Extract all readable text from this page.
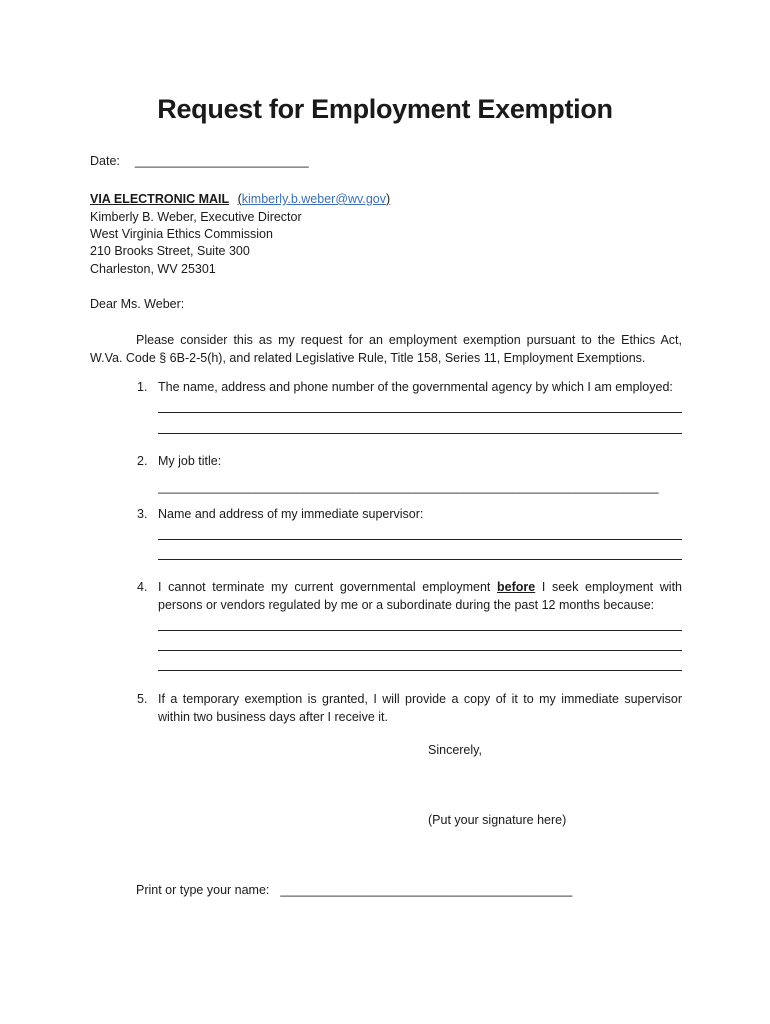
Request for Employment Exemption
Date: _________________________
VIA ELECTRONIC MAIL (kimberly.b.weber@wv.gov)
Kimberly B. Weber, Executive Director
West Virginia Ethics Commission
210 Brooks Street, Suite 300
Charleston, WV 25301
Dear Ms. Weber:
Please consider this as my request for an employment exemption pursuant to the Ethics Act, W.Va. Code § 6B-2-5(h), and related Legislative Rule, Title 158, Series 11, Employment Exemptions.
1. The name, address and phone number of the governmental agency by which I am employed:
2. My job title:
________________________________________________________________________
3. Name and address of my immediate supervisor:
4. I cannot terminate my current governmental employment before I seek employment with persons or vendors regulated by me or a subordinate during the past 12 months because:
5. If a temporary exemption is granted, I will provide a copy of it to my immediate supervisor within two business days after I receive it.
Sincerely,
(Put your signature here)
Print or type your name: __________________________________________
